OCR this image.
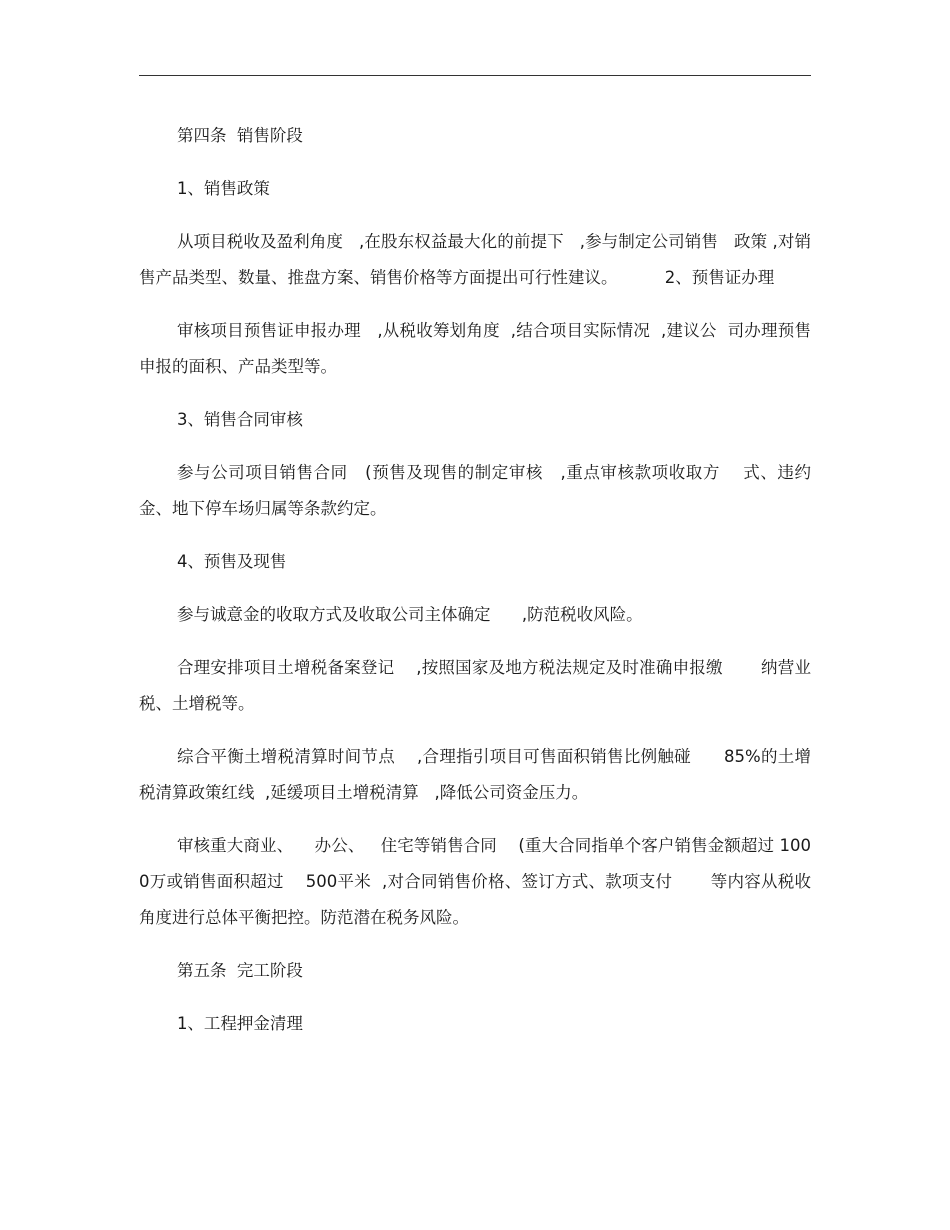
第四条  销售阶段

1、销售政策

从项目税收及盈利角度   ,在股东权益最大化的前提下   ,参与制定公司销售   政策 ,对销售产品类型、数量、推盘方案、销售价格等方面提出可行性建议。         2、预售证办理

审核项目预售证申报办理   ,从税收筹划角度  ,结合项目实际情况  ,建议公  司办理预售申报的面积、产品类型等。

3、销售合同审核

参与公司项目销售合同   (预售及现售的制定审核   ,重点审核款项收取方    式、违约金、地下停车场归属等条款约定。

4、预售及现售

参与诚意金的收取方式及收取公司主体确定      ,防范税收风险。

合理安排项目土增税备案登记    ,按照国家及地方税法规定及时准确申报缴       纳营业税、土增税等。

综合平衡土增税清算时间节点    ,合理指引项目可售面积销售比例触碰      85%的土增税清算政策红线  ,延缓项目土增税清算   ,降低公司资金压力。

审核重大商业、    办公、   住宅等销售合同    (重大合同指单个客户销售金额超过 1000万或销售面积超过    500平米  ,对合同销售价格、签订方式、款项支付       等内容从税收角度进行总体平衡把控。防范潜在税务风险。

第五条  完工阶段

1、工程押金清理
